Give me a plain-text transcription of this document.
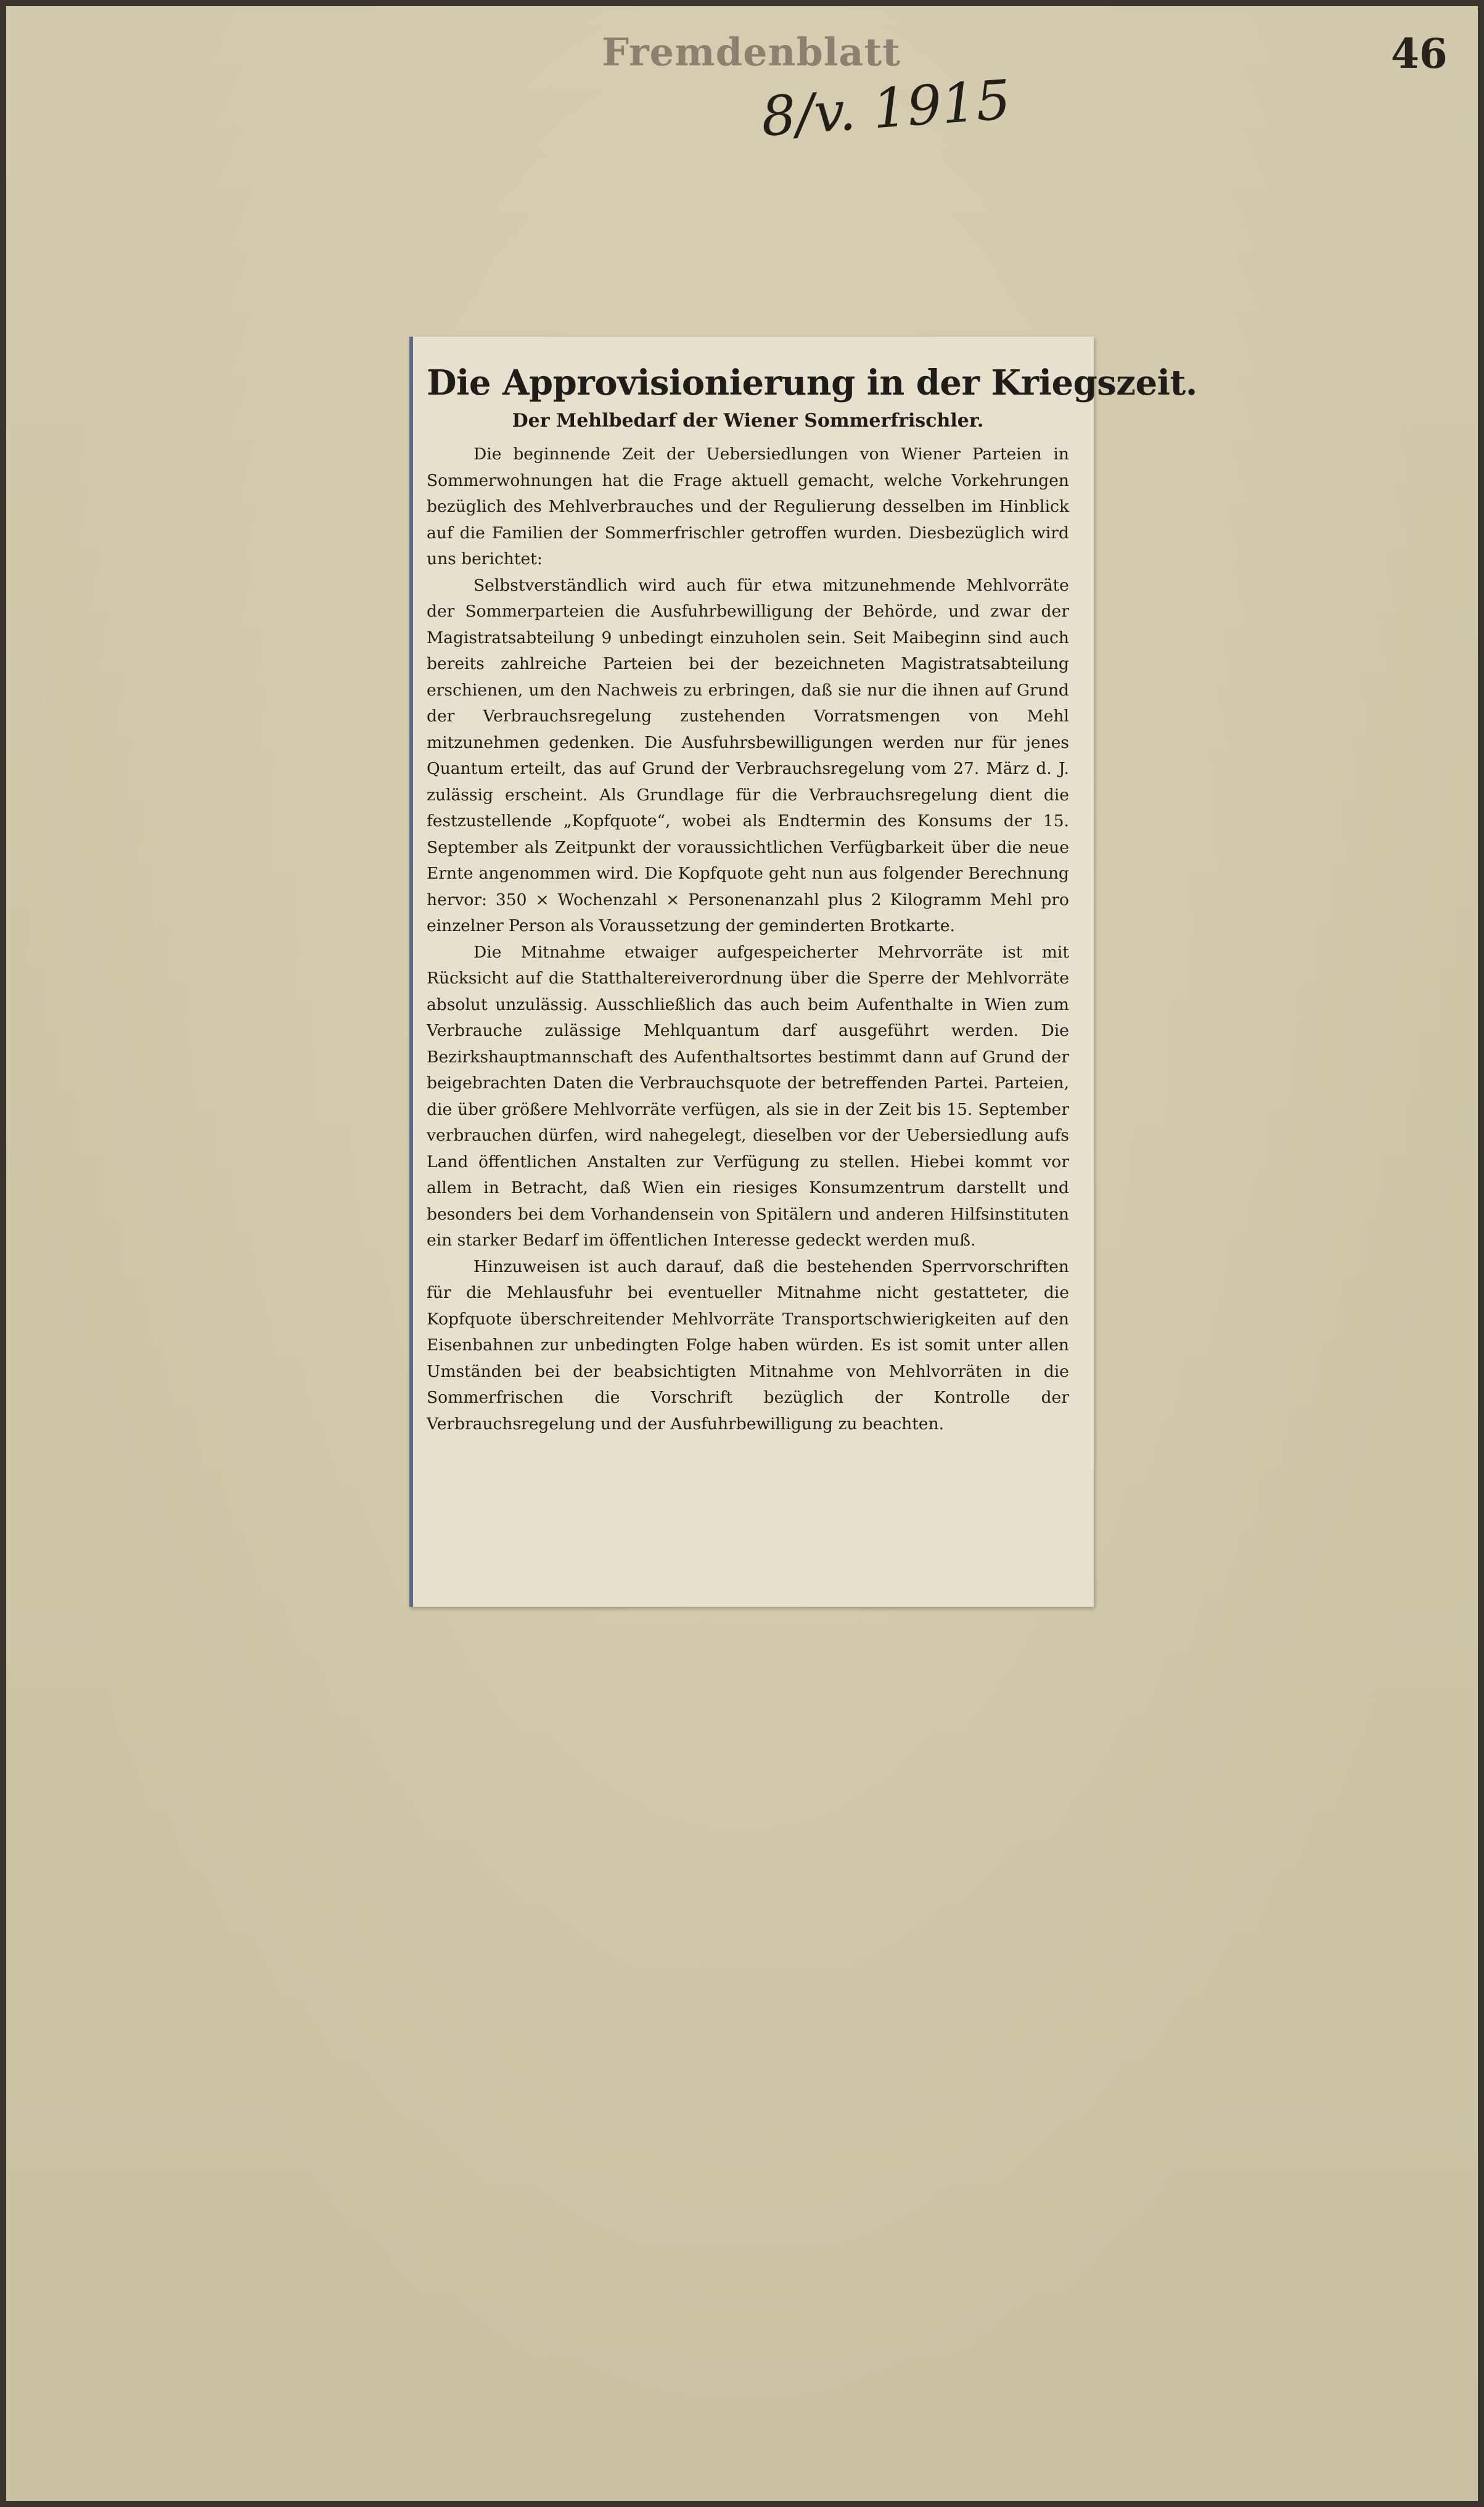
Fremdenblatt	46
8/v. 1915
Die Approvisionierung in der Kriegszeit.
Der Mehlbedarf der Wiener Sommerfrischler.

Die beginnende Zeit der Uebersiedlungen von Wiener Parteien in Sommerwohnungen hat die Frage aktuell gemacht, welche Vorkehrungen bezüglich des Mehlverbrauches und der Regulierung desselben im Hinblick auf die Familien der Sommerfrischler getroffen wurden. Diesbezüglich wird uns berichtet:

Selbstverständlich wird auch für etwa mitzunehmende Mehlvorräte der Sommerparteien die Ausfuhrbewilligung der Behörde, und zwar der Magistratsabteilung 9 unbedingt einzuholen sein. Seit Maibeginn sind auch bereits zahlreiche Parteien bei der bezeichneten Magistratsabteilung erschienen, um den Nachweis zu erbringen, daß sie nur die ihnen auf Grund der Verbrauchsregelung zustehenden Vorratsmengen von Mehl mitzunehmen gedenken. Die Ausfuhrsbewilligungen werden nur für jenes Quantum erteilt, das auf Grund der Verbrauchsregelung vom 27. März d. J. zulässig erscheint. Als Grundlage für die Verbrauchsregelung dient die festzustellende „Kopfquote“, wobei als Endtermin des Konsums der 15. September als Zeitpunkt der voraussichtlichen Verfügbarkeit über die neue Ernte angenommen wird. Die Kopfquote geht nun aus folgender Berechnung hervor: 350 × Wochenzahl × Personenanzahl plus 2 Kilogramm Mehl pro einzelner Person als Voraussetzung der geminderten Brotkarte.

Die Mitnahme etwaiger aufgespeicherter Mehrvorräte ist mit Rücksicht auf die Statthaltereiverordnung über die Sperre der Mehlvorräte absolut unzulässig. Ausschließlich das auch beim Aufenthalte in Wien zum Verbrauche zulässige Mehlquantum darf ausgeführt werden. Die Bezirkshauptmannschaft des Aufenthaltsortes bestimmt dann auf Grund der beigebrachten Daten die Verbrauchsquote der betreffenden Partei. Parteien, die über größere Mehlvorräte verfügen, als sie in der Zeit bis 15. September verbrauchen dürfen, wird nahegelegt, dieselben vor der Uebersiedlung aufs Land öffentlichen Anstalten zur Verfügung zu stellen. Hiebei kommt vor allem in Betracht, daß Wien ein riesiges Konsumzentrum darstellt und besonders bei dem Vorhandensein von Spitälern und anderen Hilfsinstituten ein starker Bedarf im öffentlichen Interesse gedeckt werden muß.

Hinzuweisen ist auch darauf, daß die bestehenden Sperrvorschriften für die Mehlausfuhr bei eventueller Mitnahme nicht gestatteter, die Kopfquote überschreitender Mehlvorräte Transportschwierigkeiten auf den Eisenbahnen zur unbedingten Folge haben würden. Es ist somit unter allen Umständen bei der beabsichtigten Mitnahme von Mehlvorräten in die Sommerfrischen die Vorschrift bezüglich der Kontrolle der Verbrauchsregelung und der Ausfuhrbewilligung zu beachten.
